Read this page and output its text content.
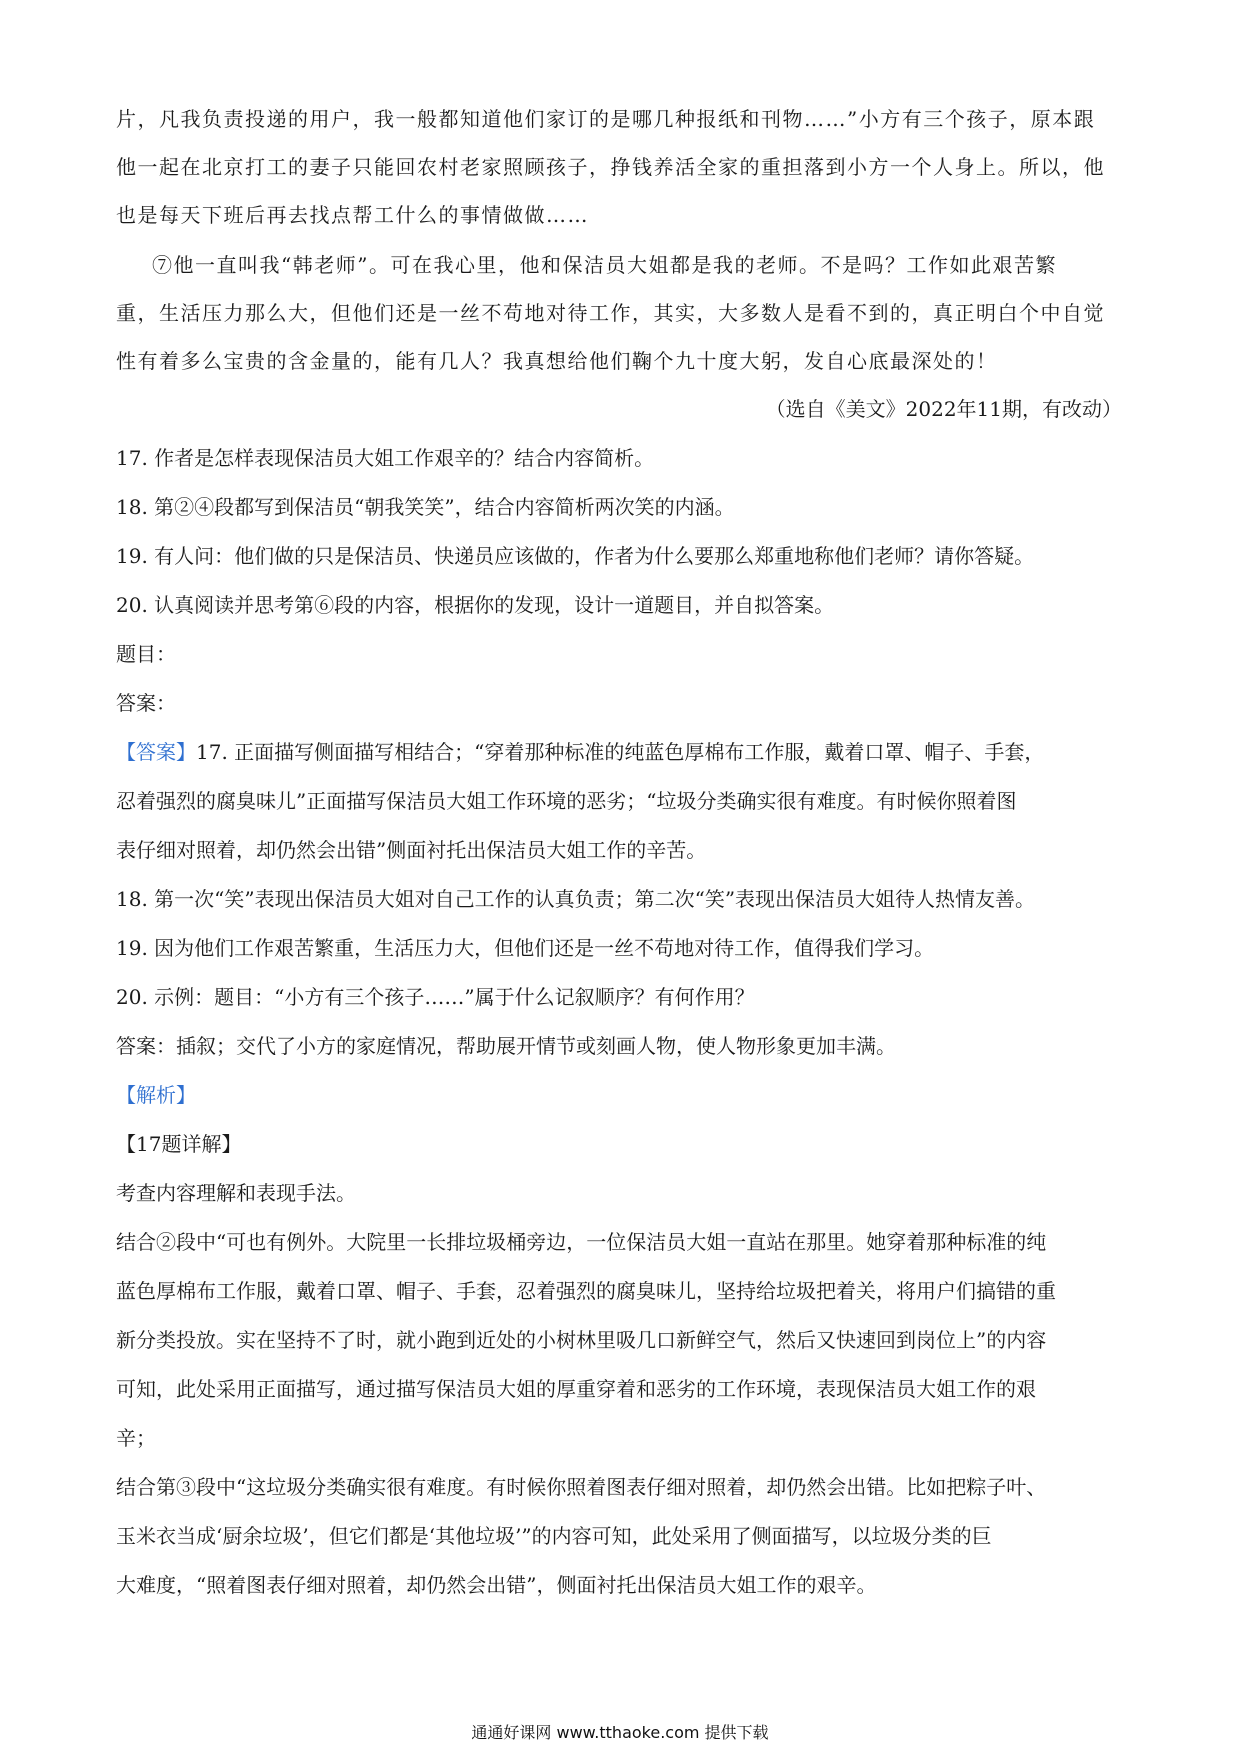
片，凡我负责投递的用户，我一般都知道他们家订的是哪几种报纸和刊物……”小方有三个孩子，原本跟
他一起在北京打工的妻子只能回农村老家照顾孩子，挣钱养活全家的重担落到小方一个人身上。所以，他
也是每天下班后再去找点帮工什么的事情做做……
⑦他一直叫我“韩老师”。可在我心里，他和保洁员大姐都是我的老师。不是吗？工作如此艰苦繁
重，生活压力那么大，但他们还是一丝不苟地对待工作，其实，大多数人是看不到的，真正明白个中自觉
性有着多么宝贵的含金量的，能有几人？我真想给他们鞠个九十度大躬，发自心底最深处的！
（选自《美文》2022年11期，有改动）
17. 作者是怎样表现保洁员大姐工作艰辛的？结合内容简析。
18. 第②④段都写到保洁员“朝我笑笑”，结合内容简析两次笑的内涵。
19. 有人问：他们做的只是保洁员、快递员应该做的，作者为什么要那么郑重地称他们老师？请你答疑。
20. 认真阅读并思考第⑥段的内容，根据你的发现，设计一道题目，并自拟答案。
题目：
答案：
【答案】17. 正面描写侧面描写相结合；“穿着那种标准的纯蓝色厚棉布工作服，戴着口罩、帽子、手套，
忍着强烈的腐臭味儿”正面描写保洁员大姐工作环境的恶劣；“垃圾分类确实很有难度。有时候你照着图
表仔细对照着，却仍然会出错”侧面衬托出保洁员大姐工作的辛苦。
18. 第一次“笑”表现出保洁员大姐对自己工作的认真负责；第二次“笑”表现出保洁员大姐待人热情友善。
19. 因为他们工作艰苦繁重，生活压力大，但他们还是一丝不苟地对待工作，值得我们学习。
20. 示例：题目：“小方有三个孩子……”属于什么记叙顺序？有何作用？
答案：插叙；交代了小方的家庭情况，帮助展开情节或刻画人物，使人物形象更加丰满。
【解析】
【17题详解】
考查内容理解和表现手法。
结合②段中“可也有例外。大院里一长排垃圾桶旁边，一位保洁员大姐一直站在那里。她穿着那种标准的纯
蓝色厚棉布工作服，戴着口罩、帽子、手套，忍着强烈的腐臭味儿，坚持给垃圾把着关，将用户们搞错的重
新分类投放。实在坚持不了时，就小跑到近处的小树林里吸几口新鲜空气，然后又快速回到岗位上”的内容
可知，此处采用正面描写，通过描写保洁员大姐的厚重穿着和恶劣的工作环境，表现保洁员大姐工作的艰
辛；
结合第③段中“这垃圾分类确实很有难度。有时候你照着图表仔细对照着，却仍然会出错。比如把粽子叶、
玉米衣当成‘厨余垃圾’，但它们都是‘其他垃圾’”的内容可知，此处采用了侧面描写，以垃圾分类的巨
大难度，“照着图表仔细对照着，却仍然会出错”，侧面衬托出保洁员大姐工作的艰辛。
通通好课网 www.tthaoke.com 提供下载
